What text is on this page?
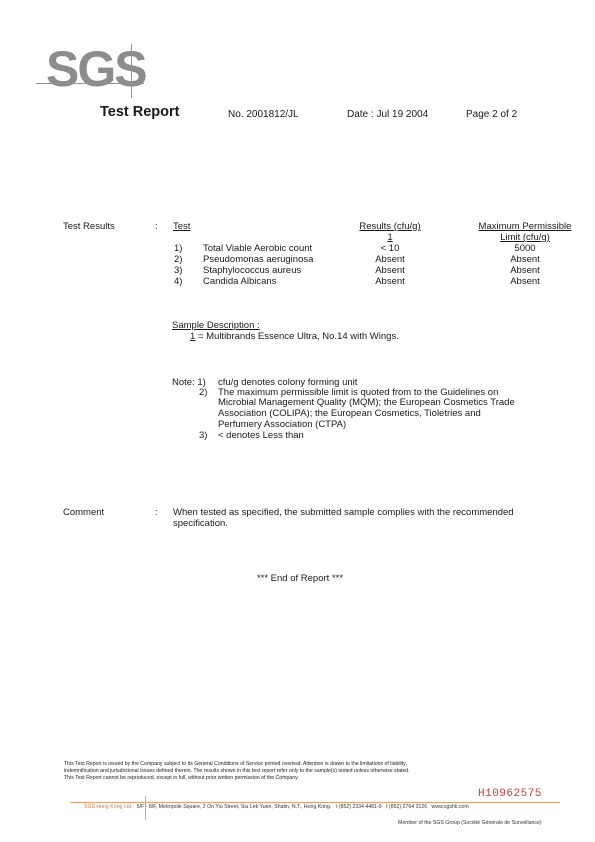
SGS
Test Report	No. 2001812/JL	Date : Jul 19 2004	Page 2 of 2
Test Results	: Test	Results (cfu/g)	Maximum Permissible
Limit (cfu/g)
1
1) Total Viable Aerobic count	< 10	5000
2) Pseudomonas aeruginosa	Absent	Absent
3) Staphylococcus aureus	Absent	Absent
4) Candida Albicans	Absent	Absent
Sample Description :
1 = Multibrands Essence Ultra, No.14 with Wings.
Note: 1) cfu/g denotes colony forming unit
2) The maximum permissible limit is quoted from to the Guidelines on
Microbial Management Quality (MQM); the European Cosmetics Trade
Association (COLIPA); the European Cosmetics, Tioletries and
Perfumery Association (CTPA)
3) < denotes Less than
Comment	: When tested as specified, the submitted sample complies with the recommended
specification.
*** End of Report ***
This Test Report is issued by the Company subject to its General Conditions of Service printed overleaf. Attention is drawn to the limitations of liability,
indemnification and jurisdictional issues defined therein. The results shown in this test report refer only to the sample(s) tested unless otherwise stated.
This Test Report cannot be reproduced, except in full, without prior written permission of the Company.
H10962575
SGS Hong Kong Ltd. 5/F - 8/F, Metropole Square, 2 On Yiu Street, Siu Lek Yuen, Shatin, N.T., Hong Kong. t (852) 2334 4481-9 f (852) 2764 3126 www.sgshk.com
Member of the SGS Group (Société Générale de Surveillance)
